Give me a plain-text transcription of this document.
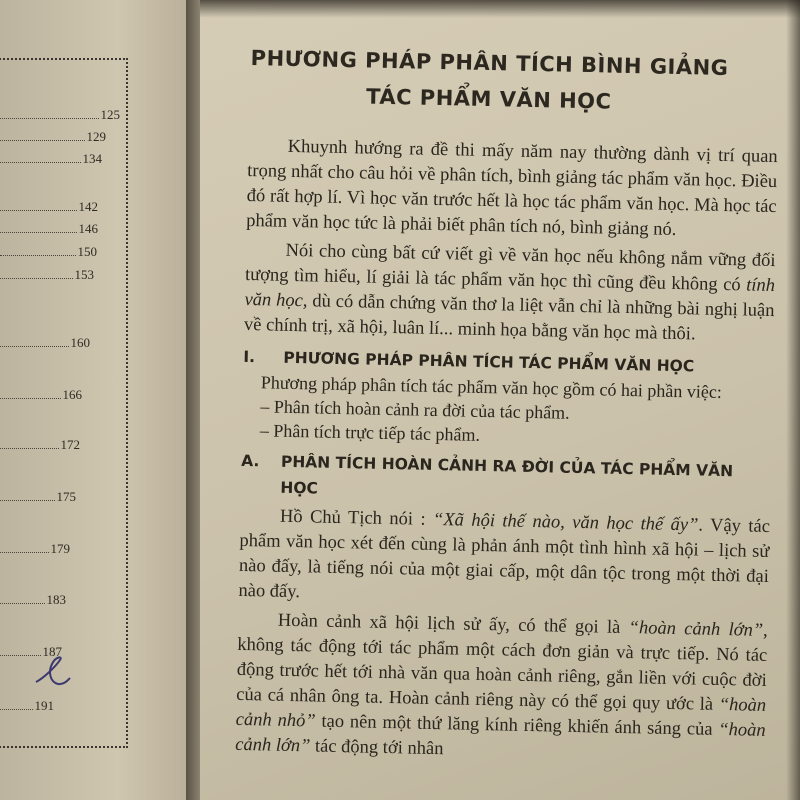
125
129
134
142
146
150
153
160
166
172
175
179
183
187
191
PHƯƠNG PHÁP PHÂN TÍCH BÌNH GIẢNG
TÁC PHẨM VĂN HỌC

Khuynh hướng ra đề thi mấy năm nay thường dành vị trí quan trọng nhất cho câu hỏi về phân tích, bình giảng tác phẩm văn học. Điều đó rất hợp lí. Vì học văn trước hết là học tác phẩm văn học. Mà học tác phẩm văn học tức là phải biết phân tích nó, bình giảng nó.

Nói cho cùng bất cứ viết gì về văn học nếu không nắm vững đối tượng tìm hiểu, lí giải là tác phẩm văn học thì cũng đều không có tính văn học, dù có dẫn chứng văn thơ la liệt vẫn chỉ là những bài nghị luận về chính trị, xã hội, luân lí... minh họa bằng văn học mà thôi.

I.	PHƯƠNG PHÁP PHÂN TÍCH TÁC PHẨM VĂN HỌC

Phương pháp phân tích tác phẩm văn học gồm có hai phần việc:

– Phân tích hoàn cảnh ra đời của tác phẩm.

– Phân tích trực tiếp tác phẩm.

A.	PHÂN TÍCH HOÀN CẢNH RA ĐỜI CỦA TÁC PHẨM VĂN HỌC

Hồ Chủ Tịch nói : “Xã hội thế nào, văn học thế ấy”. Vậy tác phẩm văn học xét đến cùng là phản ánh một tình hình xã hội – lịch sử nào đấy, là tiếng nói của một giai cấp, một dân tộc trong một thời đại nào đấy.

Hoàn cảnh xã hội lịch sử ấy, có thể gọi là “hoàn cảnh lớn”, không tác động tới tác phẩm một cách đơn giản và trực tiếp. Nó tác động trước hết tới nhà văn qua hoàn cảnh riêng, gắn liền với cuộc đời của cá nhân ông ta. Hoàn cảnh riêng này có thể gọi quy ước là “hoàn cảnh nhỏ” tạo nên một thứ lăng kính riêng khiến ánh sáng của “hoàn cảnh lớn” tác động tới nhân
